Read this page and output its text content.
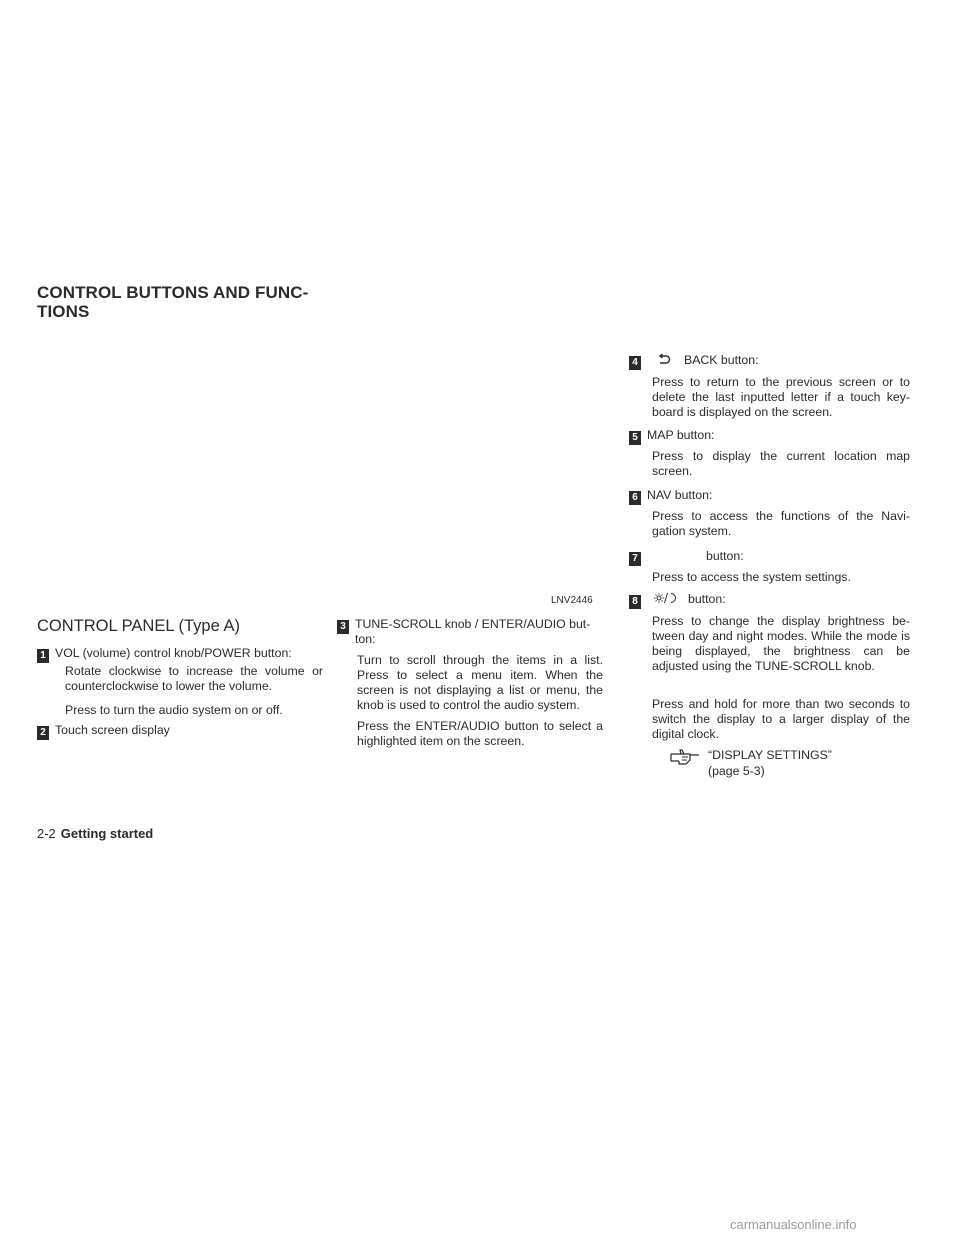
CONTROL BUTTONS AND FUNC-
TIONS
LNV2446
CONTROL PANEL (Type A)
1 VOL (volume) control knob/POWER button:
Rotate clockwise to increase the volume or counterclockwise to lower the volume.
Press to turn the audio system on or off.
2 Touch screen display
3 TUNE-SCROLL knob / ENTER/AUDIO but-
ton:
Turn to scroll through the items in a list. Press to select a menu item. When the screen is not displaying a list or menu, the knob is used to control the audio system.
Press the ENTER/AUDIO button to select a highlighted item on the screen.
4	BACK button:
Press to return to the previous screen or to delete the last inputted letter if a touch key-board is displayed on the screen.
5 MAP button:
Press to display the current location map screen.
6 NAV button:
Press to access the functions of the Navi-gation system.
7	button:
Press to access the system settings.
8	button:
Press to change the display brightness be-tween day and night modes. While the mode is being displayed, the brightness can be adjusted using the TUNE-SCROLL knob.
Press and hold for more than two seconds to switch the display to a larger display of the digital clock.
“DISPLAY SETTINGS”
(page 5-3)
2-2 Getting started
carmanualsonline.info
